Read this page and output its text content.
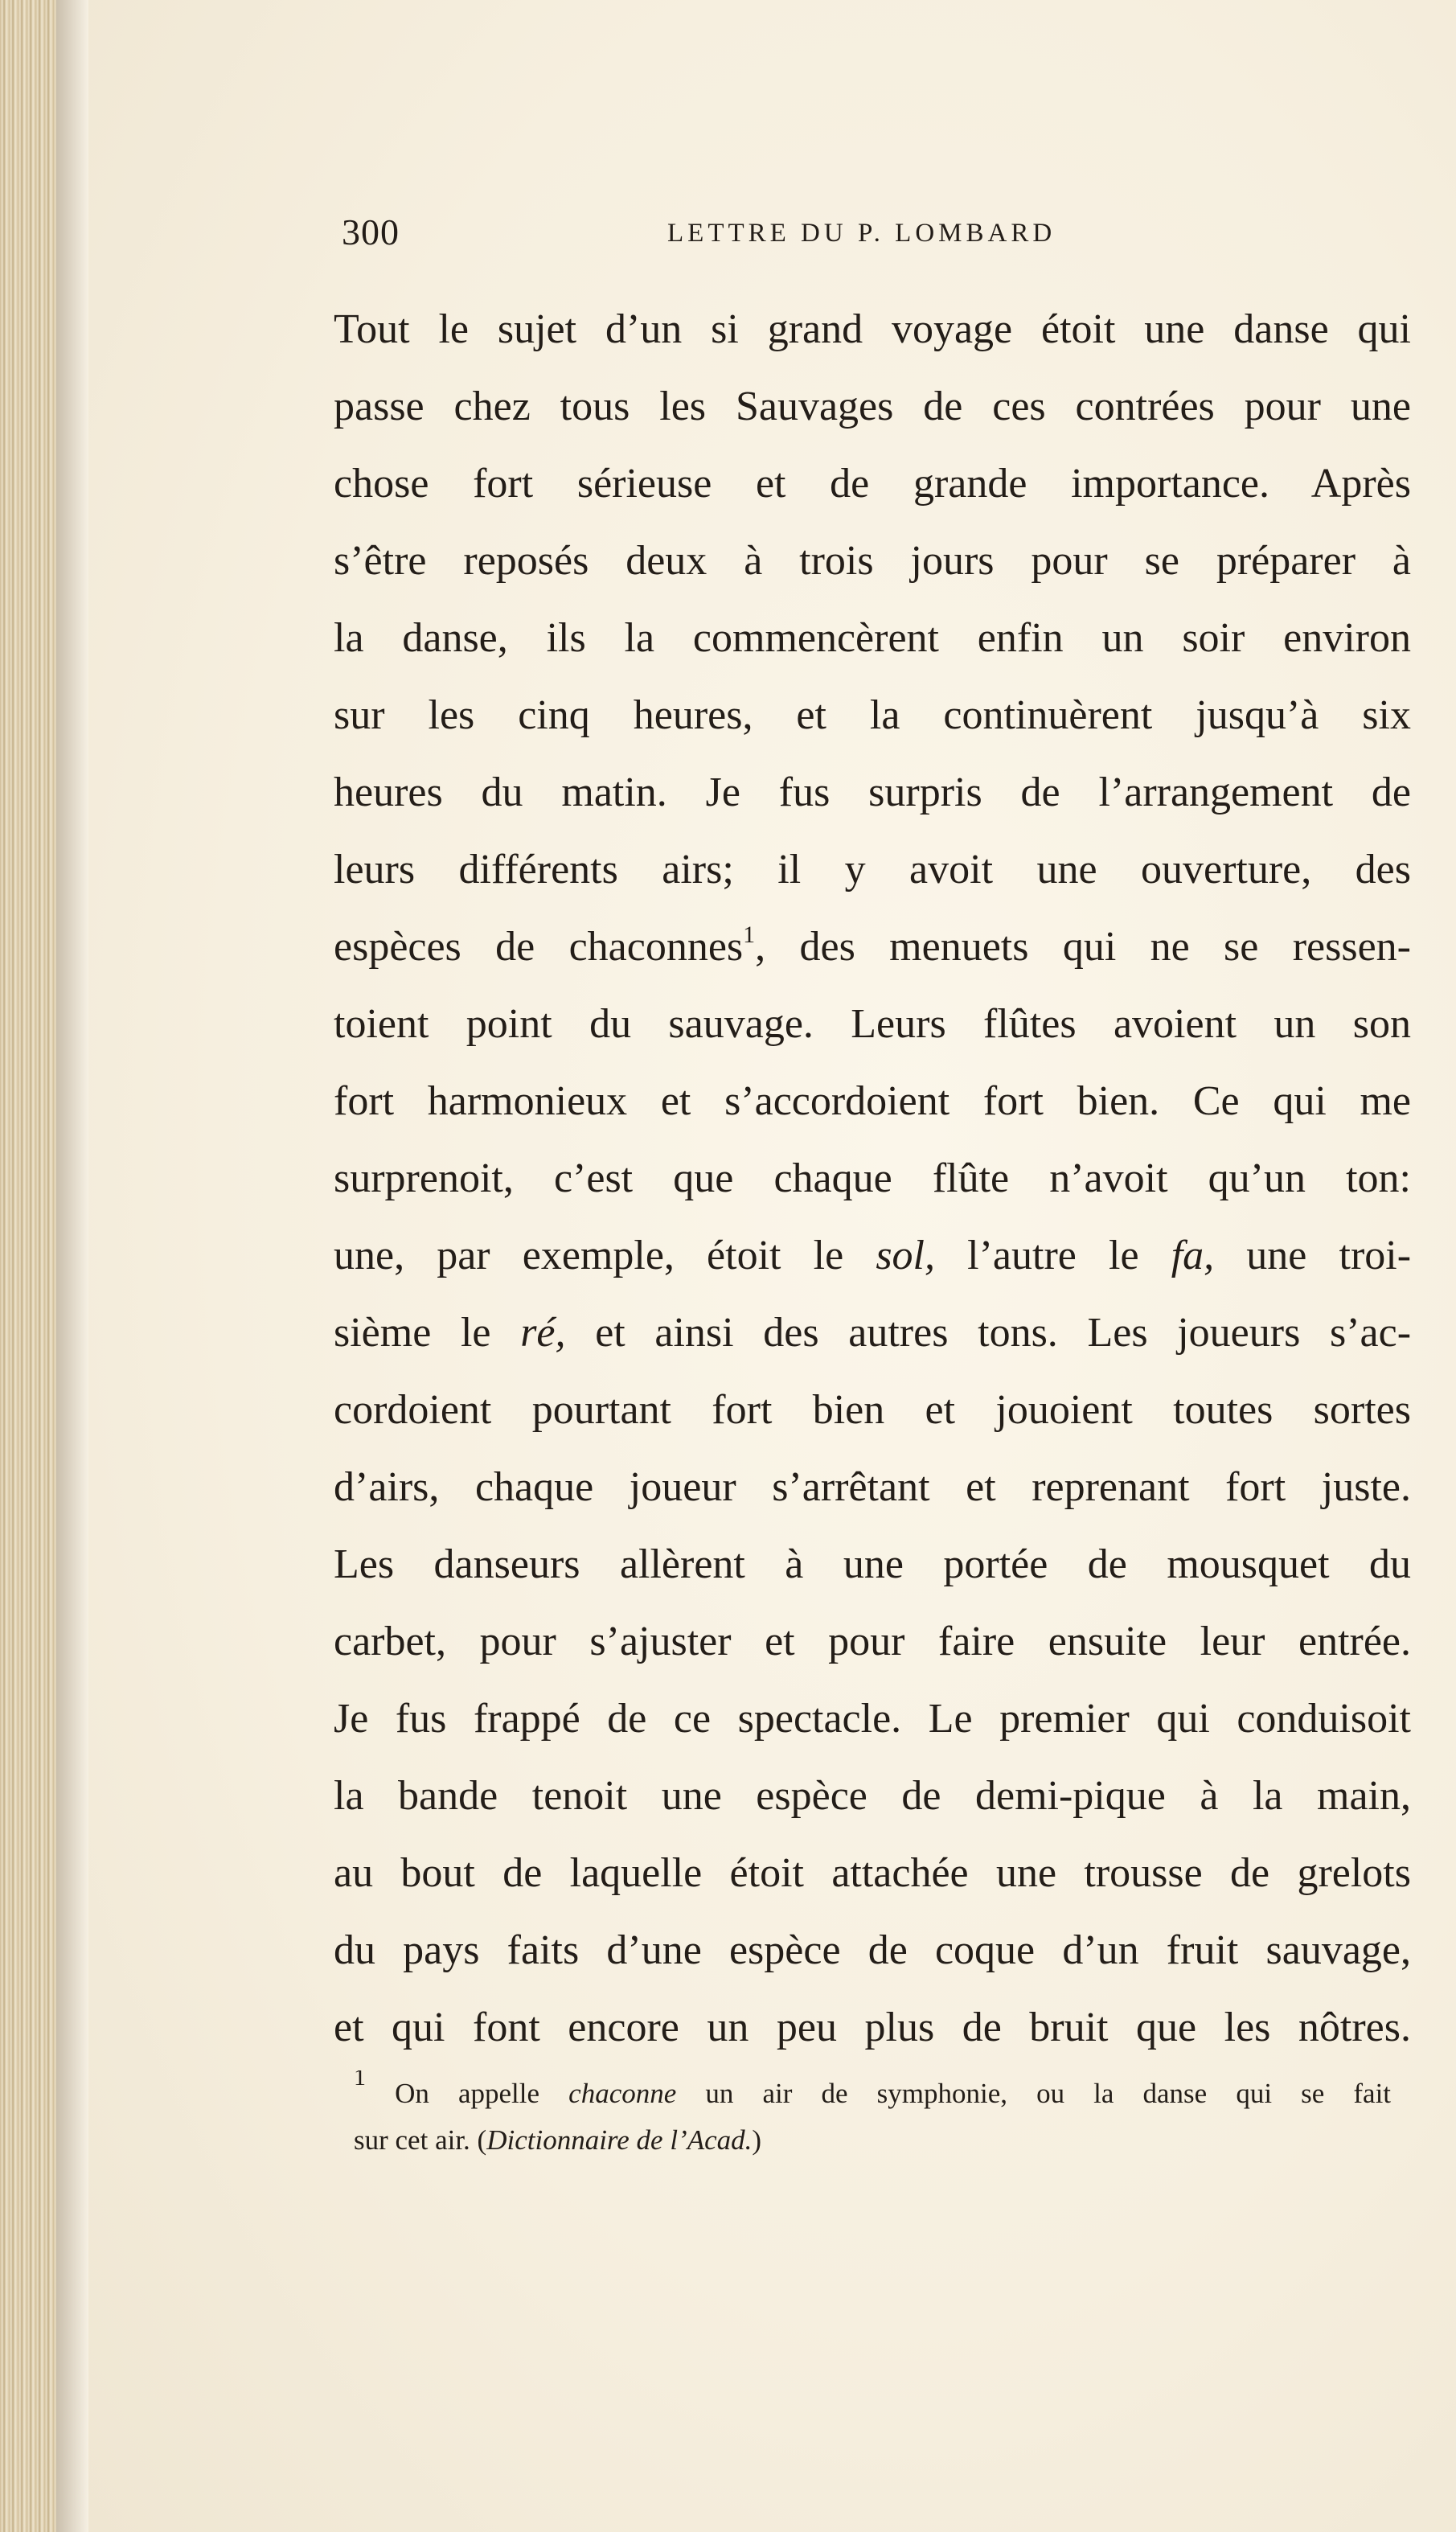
300	LETTRE DU P. LOMBARD
Tout le sujet d’un si grand voyage étoit une danse qui
passe chez tous les Sauvages de ces contrées pour une
chose fort sérieuse et de grande importance. Après
s’être reposés deux à trois jours pour se préparer à
la danse, ils la commencèrent enfin un soir environ
sur les cinq heures, et la continuèrent jusqu’à six
heures du matin. Je fus surpris de l’arrangement de
leurs différents airs; il y avoit une ouverture, des
espèces de chaconnes$^1$, des menuets qui ne se ressen-
toient point du sauvage. Leurs flûtes avoient un son
fort harmonieux et s’accordoient fort bien. Ce qui me
surprenoit, c’est que chaque flûte n’avoit qu’un ton:
une, par exemple, étoit le sol, l’autre le fa, une troi-
sième le ré, et ainsi des autres tons. Les joueurs s’ac-
cordoient pourtant fort bien et jouoient toutes sortes
d’airs, chaque joueur s’arrêtant et reprenant fort juste.
Les danseurs allèrent à une portée de mousquet du
carbet, pour s’ajuster et pour faire ensuite leur entrée.
Je fus frappé de ce spectacle. Le premier qui conduisoit
la bande tenoit une espèce de demi-pique à la main,
au bout de laquelle étoit attachée une trousse de grelots
du pays faits d’une espèce de coque d’un fruit sauvage,
et qui font encore un peu plus de bruit que les nôtres.
$^1$ On appelle chaconne un air de symphonie, ou la danse qui se fait
sur cet air. (Dictionnaire de l’Acad.)
